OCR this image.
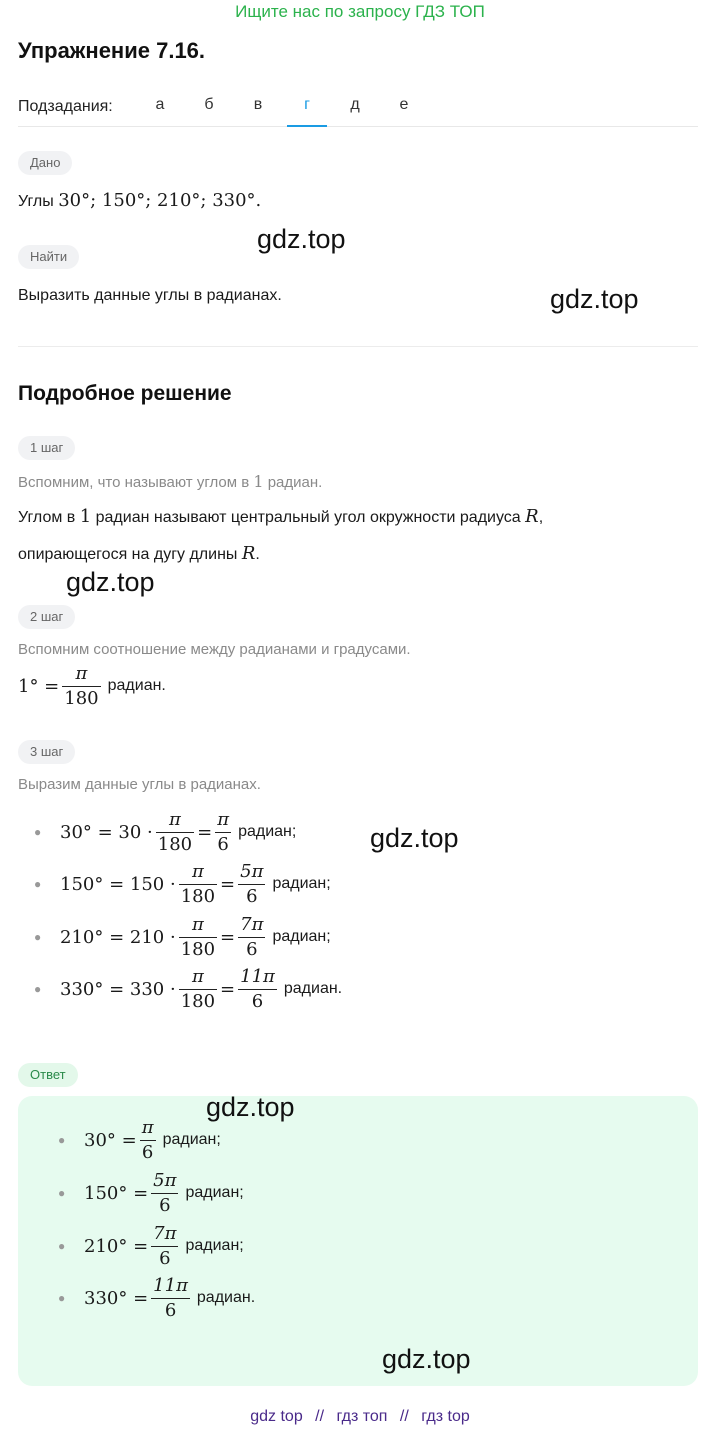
Ищите нас по запросу ГДЗ ТОП
Упражнение 7.16.
Подзадания:	а	б	в	г	д	е
Дано
Углы 30°; 150°; 210°; 330°.
gdz.top
Найти
Выразить данные углы в радианах.	gdz.top
Подробное решение
1 шаг
Вспомним, что называют углом в 1 радиан.
Углом в 1 радиан называют центральный угол окружности радиуса R,
опирающегося на дугу длины R.
gdz.top
2 шаг
Вспомним соотношение между радианами и градусами.
$1^\circ = \frac{\pi}{180}$ радиан.
3 шаг
Выразим данные углы в радианах.
●	$30^\circ = 30 \cdot \frac{\pi}{180} = \frac{\pi}{6}$ радиан;
●	$150^\circ = 150 \cdot \frac{\pi}{180} = \frac{5\pi}{6}$ радиан;
●	$210^\circ = 210 \cdot \frac{\pi}{180} = \frac{7\pi}{6}$ радиан;
●	$330^\circ = 330 \cdot \frac{\pi}{180} = \frac{11\pi}{6}$ радиан.
gdz.top
Ответ
●	$30^\circ = \frac{\pi}{6}$ радиан;
●	$150^\circ = \frac{5\pi}{6}$ радиан;
●	$210^\circ = \frac{7\pi}{6}$ радиан;
●	$330^\circ = \frac{11\pi}{6}$ радиан.
gdz.top
gdz.top
gdz top // гдз топ // гдз top
